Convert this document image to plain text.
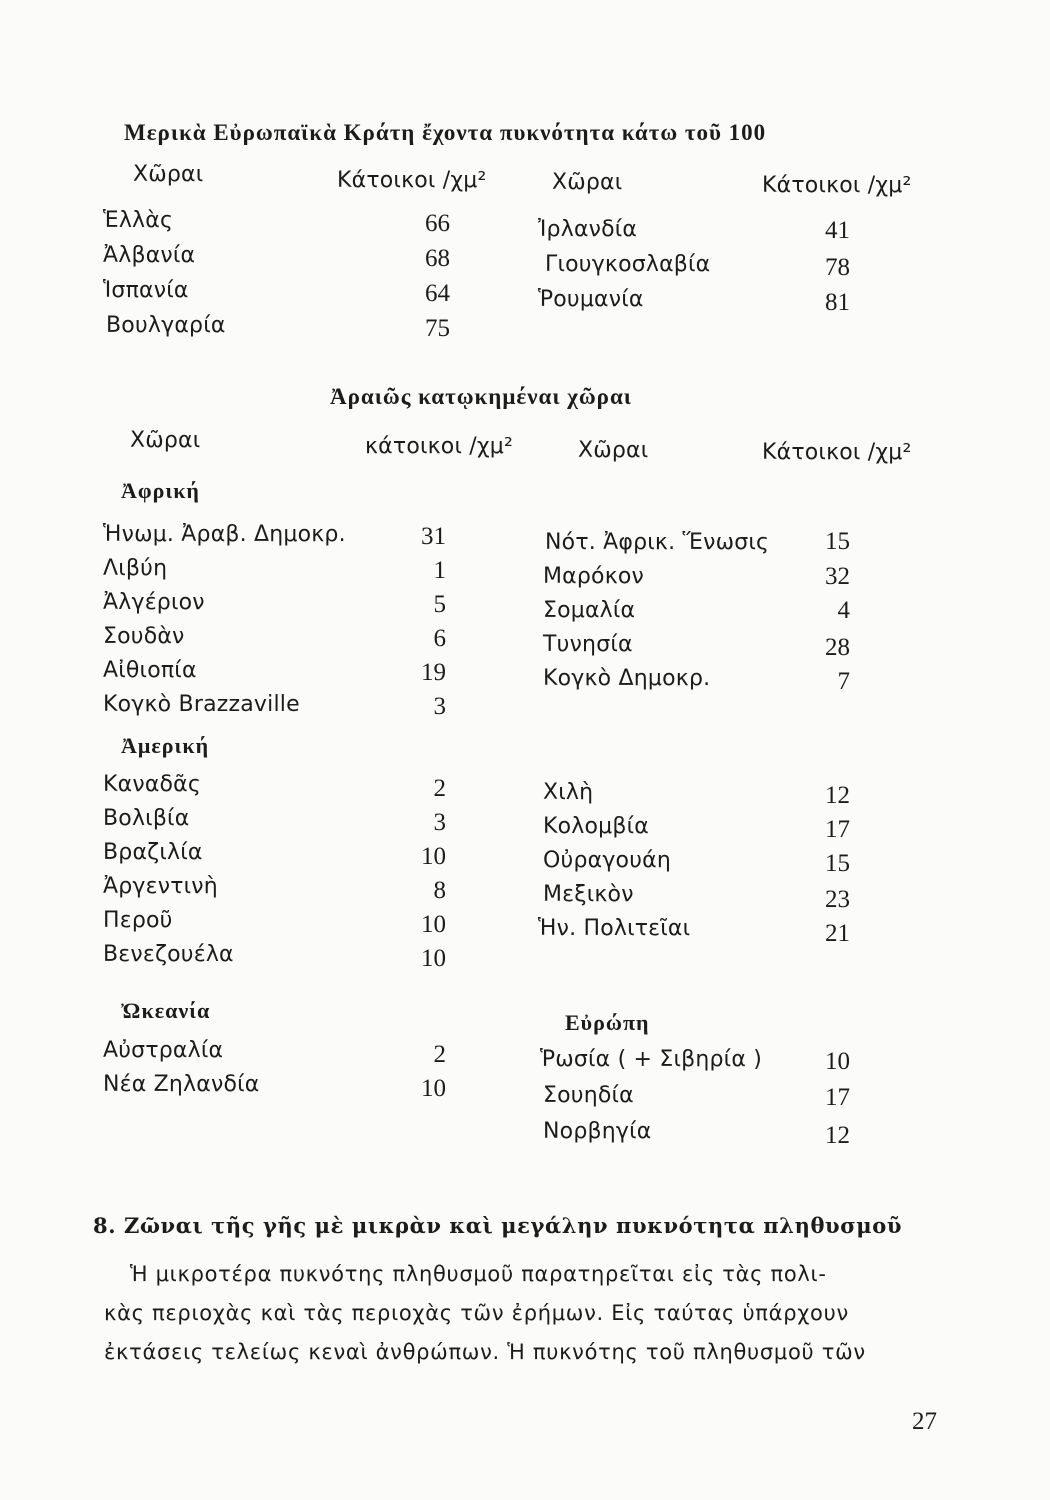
Μερικὰ Εὐρωπαϊκὰ Κράτη ἔχοντα πυκνότητα κάτω τοῦ 100
Χῶραι	Κάτοικοι /χμ²	Χῶραι	Κάτοικοι /χμ²
Ἑλλὰς	66
Ἀλβανία	68
Ἱσπανία	64
Βουλγαρία	75
Ἰρλανδία	41
Γιουγκοσλαβία	78
Ῥουμανία	81
Ἀραιῶς κατῳκημέναι χῶραι
Χῶραι	κάτοικοι /χμ²	Χῶραι	Κάτοικοι /χμ²
Ἀφρική
Ἡνωμ. Ἀραβ. Δημοκρ.	31
Λιβύη	1
Ἀλγέριον	5
Σουδὰν	6
Αἰθιοπία	19
Κογκὸ Brazzaville	3
Νότ. Ἀφρικ. Ἕνωσις	15
Μαρόκον	32
Σομαλία	4
Τυνησία	28
Κογκὸ Δημοκρ.	7
Ἀμερική
Καναδᾶς	2
Βολιβία	3
Βραζιλία	10
Ἀργεντινὴ	8
Περοῦ	10
Βενεζουέλα	10
Χιλὴ	12
Κολομβία	17
Οὐραγουάη	15
Μεξικὸν	23
Ἡν. Πολιτεῖαι	21
Ὠκεανία
Αὐστραλία	2
Νέα Ζηλανδία	10
Εὐρώπη
Ῥωσία ( + Σιβηρία )	10
Σουηδία	17
Νορβηγία	12
8. Ζῶναι τῆς γῆς μὲ μικρὰν καὶ μεγάλην πυκνότητα πληθυσμοῦ
Ἡ μικροτέρα πυκνότης πληθυσμοῦ παρατηρεῖται εἰς τὰς πολι-
κὰς περιοχὰς καὶ τὰς περιοχὰς τῶν ἐρήμων. Εἰς ταύτας ὑπάρχουν
ἐκτάσεις τελείως κεναὶ ἀνθρώπων. Ἡ πυκνότης τοῦ πληθυσμοῦ τῶν
27
